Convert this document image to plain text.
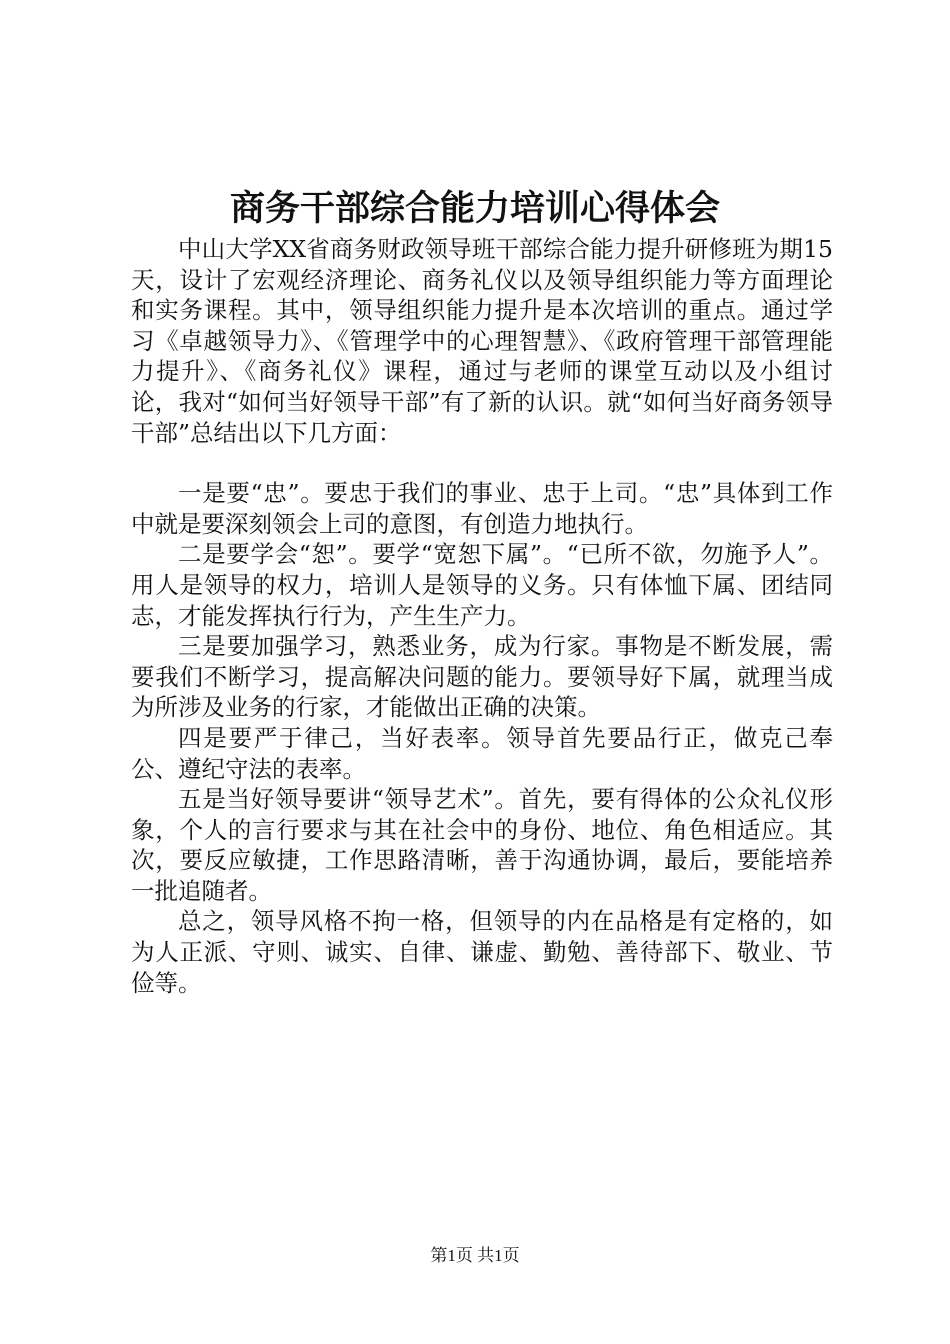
商务干部综合能力培训心得体会

中山大学XX省商务财政领导班干部综合能力提升研修班为期15天，设计了宏观经济理论、商务礼仪以及领导组织能力等方面理论和实务课程。其中，领导组织能力提升是本次培训的重点。通过学习《卓越领导力》、《管理学中的心理智慧》、《政府管理干部管理能力提升》、《商务礼仪》课程，通过与老师的课堂互动以及小组讨论，我对“如何当好领导干部”有了新的认识。就“如何当好商务领导干部”总结出以下几方面：

一是要“忠”。要忠于我们的事业、忠于上司。“忠”具体到工作中就是要深刻领会上司的意图，有创造力地执行。

二是要学会“恕”。要学“宽恕下属”。“已所不欲，勿施予人”。用人是领导的权力，培训人是领导的义务。只有体恤下属、团结同志，才能发挥执行行为，产生生产力。

三是要加强学习，熟悉业务，成为行家。事物是不断发展，需要我们不断学习，提高解决问题的能力。要领导好下属，就理当成为所涉及业务的行家，才能做出正确的决策。

四是要严于律己，当好表率。领导首先要品行正，做克己奉公、遵纪守法的表率。

五是当好领导要讲“领导艺术”。首先，要有得体的公众礼仪形象，个人的言行要求与其在社会中的身份、地位、角色相适应。其次，要反应敏捷，工作思路清晰，善于沟通协调，最后，要能培养一批追随者。

总之，领导风格不拘一格，但领导的内在品格是有定格的，如为人正派、守则、诚实、自律、谦虚、勤勉、善待部下、敬业、节俭等。

第1页 共1页
